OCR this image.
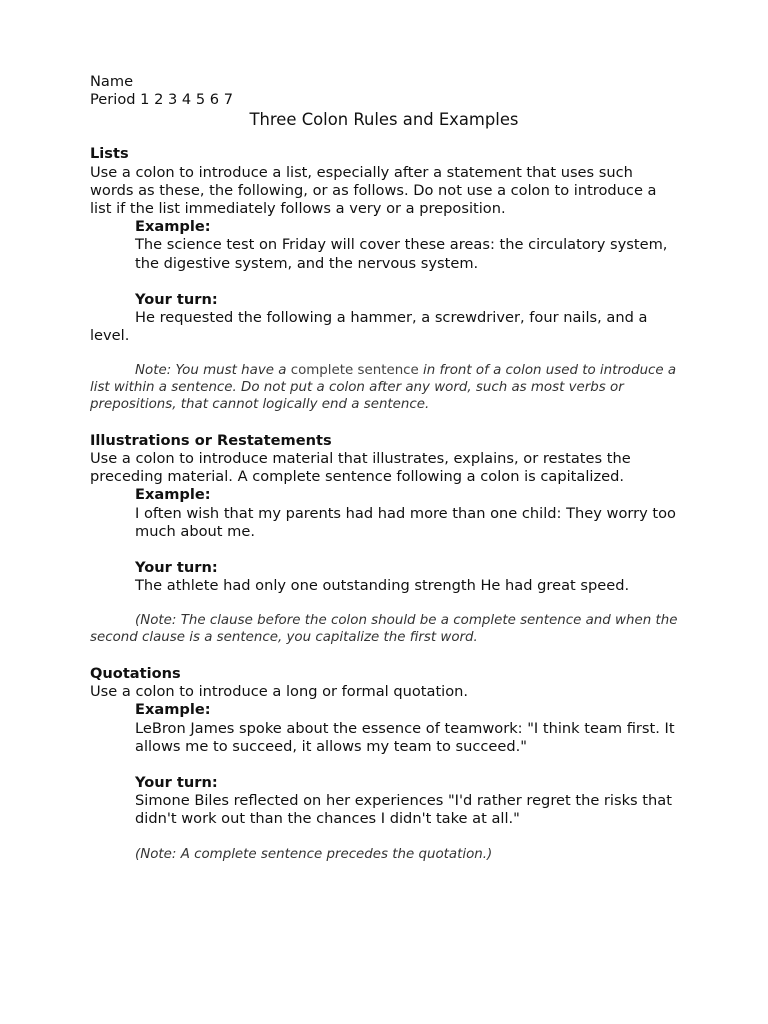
Name

Period 1 2 3 4 5 6 7

Three Colon Rules and Examples

Lists

Use a colon to introduce a list, especially after a statement that uses such words as these, the following, or as follows. Do not use a colon to introduce a list if the list immediately follows a very or a preposition.

Example:

The science test on Friday will cover these areas: the circulatory system, the digestive system, and the nervous system.

Your turn:

He requested the following a hammer, a screwdriver, four nails, and a level.

Note: You must have a complete sentence in front of a colon used to introduce a list within a sentence. Do not put a colon after any word, such as most verbs or prepositions, that cannot logically end a sentence.

Illustrations or Restatements

Use a colon to introduce material that illustrates, explains, or restates the preceding material. A complete sentence following a colon is capitalized.

Example:

I often wish that my parents had had more than one child: They worry too much about me.

Your turn:

The athlete had only one outstanding strength He had great speed.

(Note: The clause before the colon should be a complete sentence and when the second clause is a sentence, you capitalize the first word.

Quotations

Use a colon to introduce a long or formal quotation.

Example:

LeBron James spoke about the essence of teamwork: "I think team first. It allows me to succeed, it allows my team to succeed."

Your turn:

Simone Biles reflected on her experiences "I'd rather regret the risks that didn't work out than the chances I didn't take at all."

(Note: A complete sentence precedes the quotation.)
